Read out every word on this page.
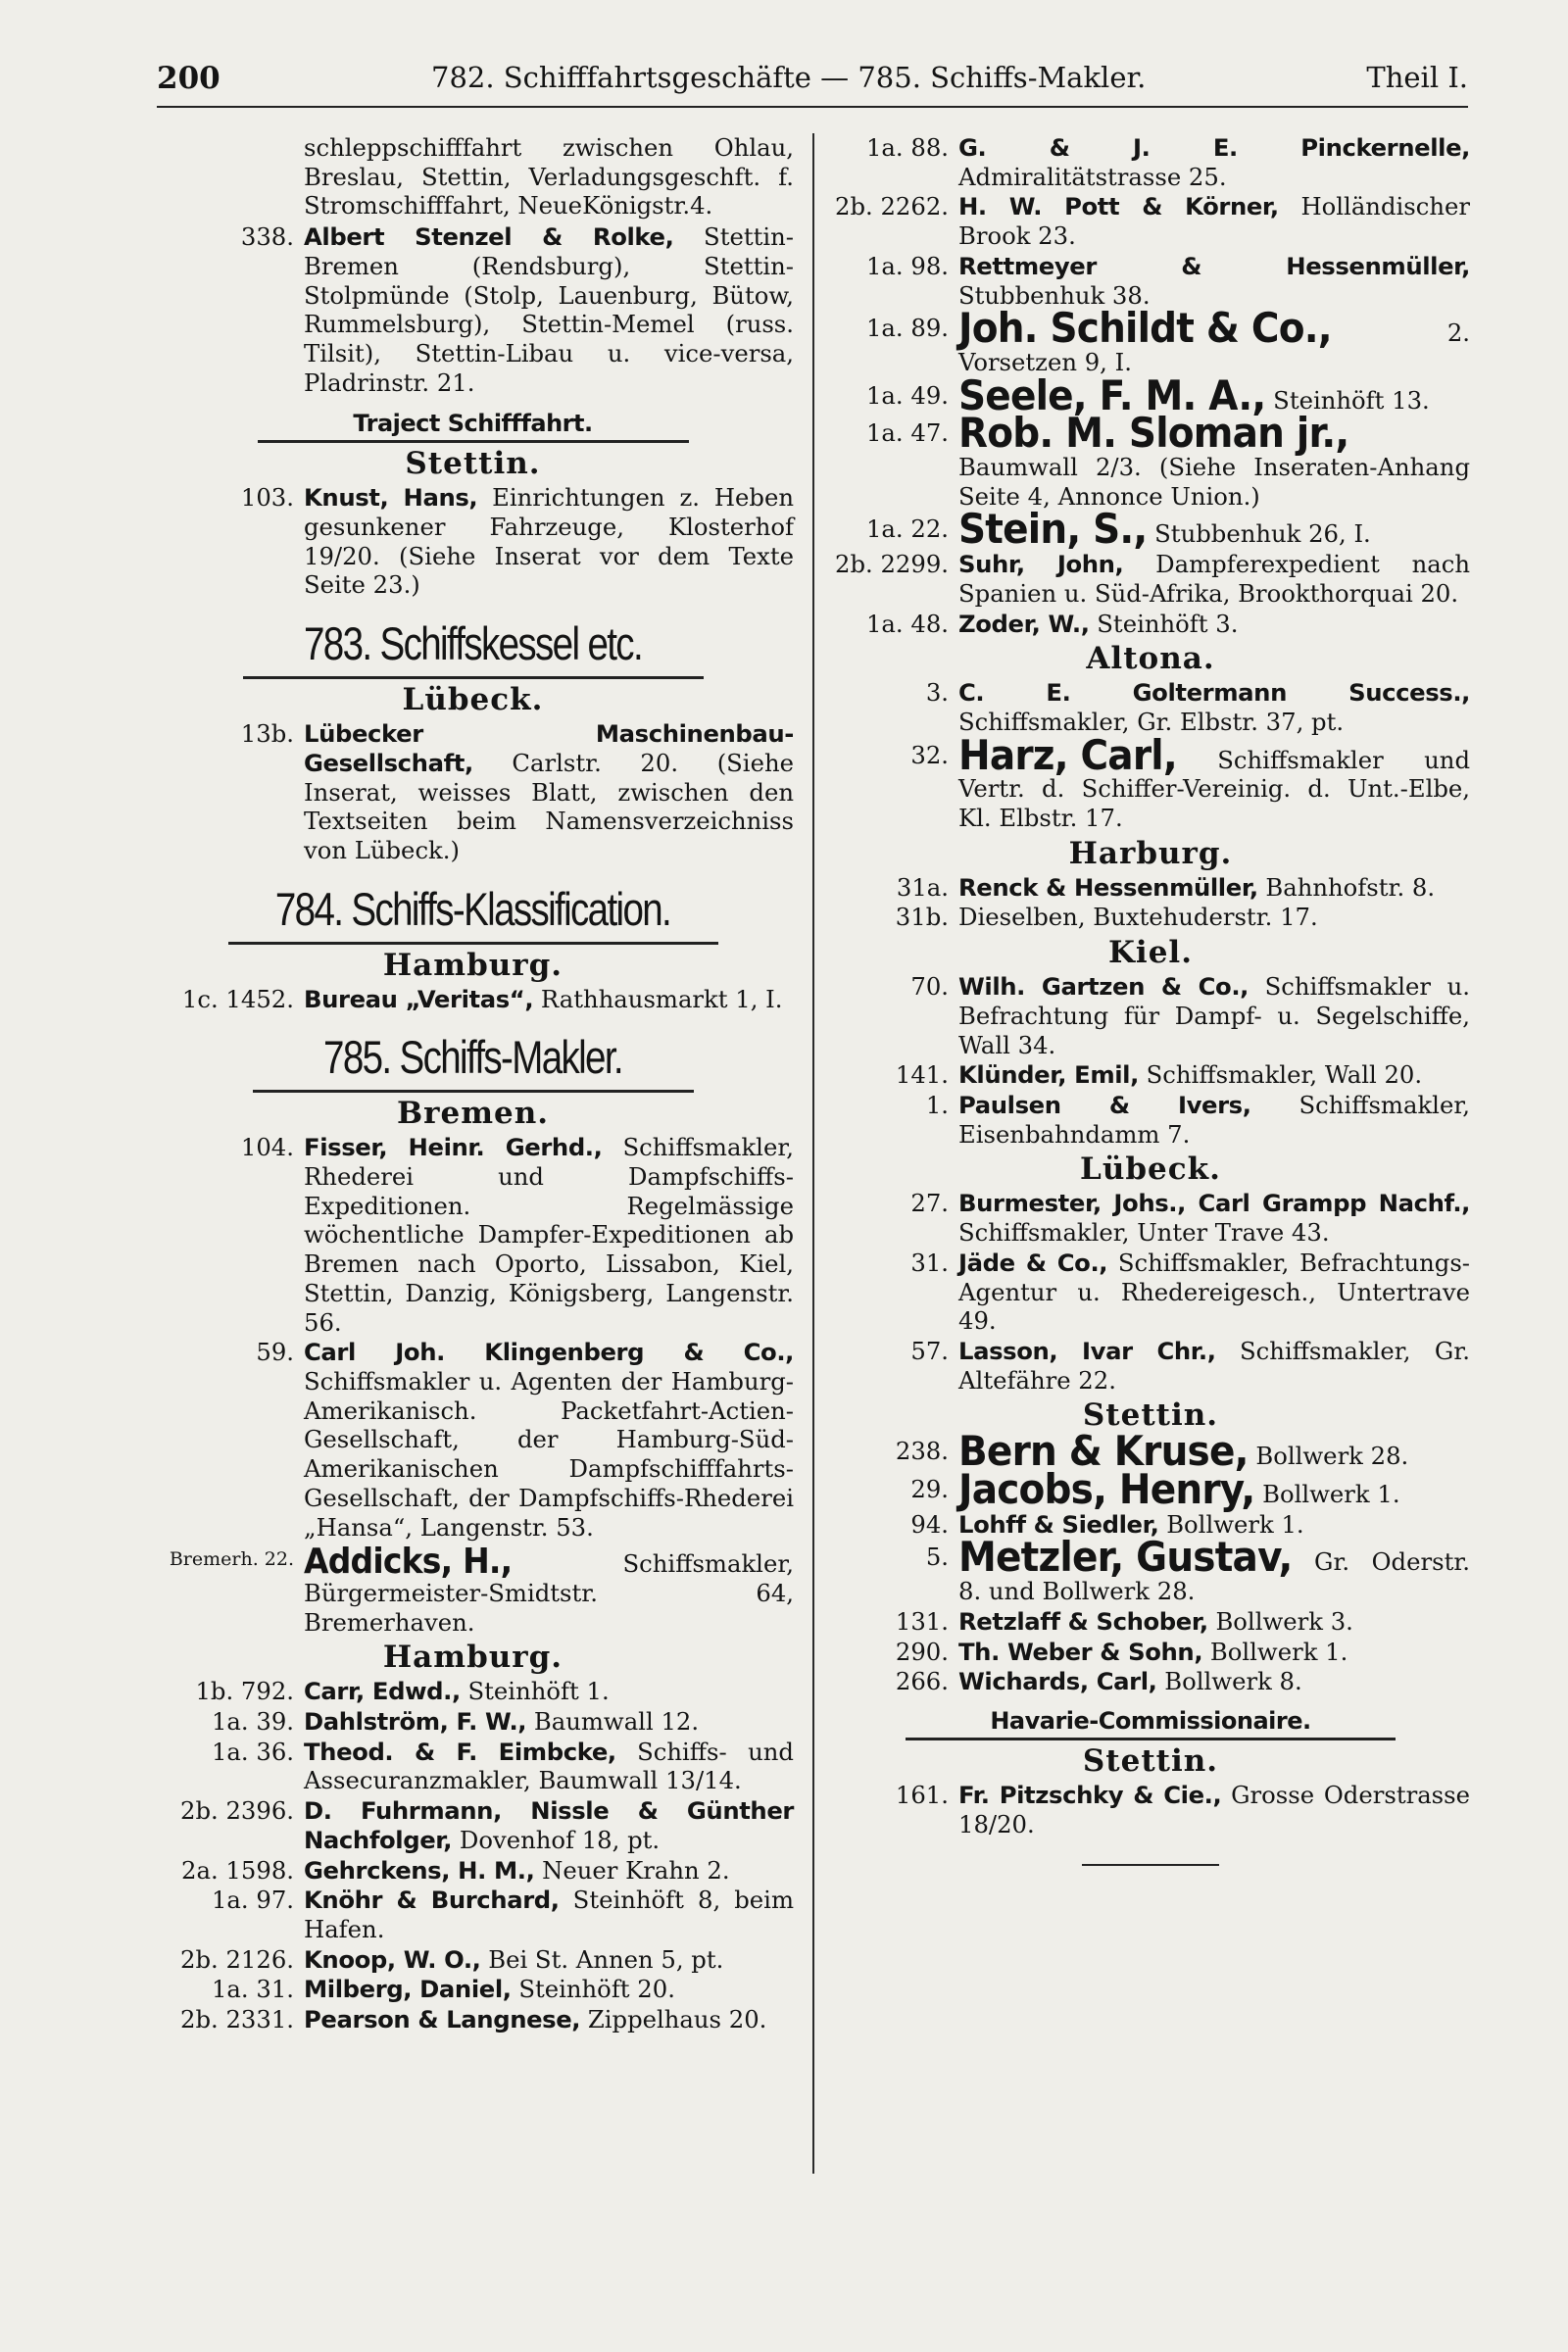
200	782. Schifffahrtsgeschäfte — 785. Schiffs-Makler.	Theil I.
schleppschifffahrt zwischen Ohlau, Breslau, Stettin, Verladungsgeschft. f. Stromschifffahrt, NeueKönigstr.4.
338. Albert Stenzel & Rolke, Stettin-Bremen (Rendsburg), Stettin-Stolpmünde (Stolp, Lauenburg, Bütow, Rummelsburg), Stettin-Memel (russ. Tilsit), Stettin-Libau u. vice-versa, Pladrinstr. 21.
Traject Schifffahrt.
Stettin.
103. Knust, Hans, Einrichtungen z. Heben gesunkener Fahrzeuge, Klosterhof 19/20. (Siehe Inserat vor dem Texte Seite 23.)
783. Schiffskessel etc.
Lübeck.
13b. Lübecker Maschinenbau-Gesellschaft, Carlstr. 20. (Siehe Inserat, weisses Blatt, zwischen den Textseiten beim Namensverzeichniss von Lübeck.)
784. Schiffs-Klassification.
Hamburg.
1c. 1452. Bureau „Veritas“, Rathhausmarkt 1, I.
785. Schiffs-Makler.
Bremen.
104. Fisser, Heinr. Gerhd., Schiffsmakler, Rhederei und Dampfschiffs-Expeditionen. Regelmässige wöchentliche Dampfer-Expeditionen ab Bremen nach Oporto, Lissabon, Kiel, Stettin, Danzig, Königsberg, Langenstr. 56.
59. Carl Joh. Klingenberg & Co., Schiffsmakler u. Agenten der Hamburg-Amerikanisch. Packetfahrt-Actien-Gesellschaft, der Hamburg-Süd-Amerikanischen Dampfschifffahrts-Gesellschaft, der Dampfschiffs-Rhederei „Hansa“, Langenstr. 53.
Bremerh. 22. Addicks, H., Schiffsmakler, Bürgermeister-Smidtstr. 64, Bremerhaven.
Hamburg.
1b. 792. Carr, Edwd., Steinhöft 1.
1a. 39. Dahlström, F. W., Baumwall 12.
1a. 36. Theod. & F. Eimbcke, Schiffs- und Assecuranzmakler, Baumwall 13/14.
2b. 2396. D. Fuhrmann, Nissle & Günther Nachfolger, Dovenhof 18, pt.
2a. 1598. Gehrckens, H. M., Neuer Krahn 2.
1a. 97. Knöhr & Burchard, Steinhöft 8, beim Hafen.
2b. 2126. Knoop, W. O., Bei St. Annen 5, pt.
1a. 31. Milberg, Daniel, Steinhöft 20.
2b. 2331. Pearson & Langnese, Zippelhaus 20.
1a. 88. G. & J. E. Pinckernelle, Admiralitätstrasse 25.
2b. 2262. H. W. Pott & Körner, Holländischer Brook 23.
1a. 98. Rettmeyer & Hessenmüller, Stubbenhuk 38.
1a. 89. Joh. Schildt & Co., 2. Vorsetzen 9, I.
1a. 49. Seele, F. M. A., Steinhöft 13.
1a. 47. Rob. M. Sloman jr., Baumwall 2/3. (Siehe Inseraten-Anhang Seite 4, Annonce Union.)
1a. 22. Stein, S., Stubbenhuk 26, I.
2b. 2299. Suhr, John, Dampferexpedient nach Spanien u. Süd-Afrika, Brookthorquai 20.
1a. 48. Zoder, W., Steinhöft 3.
Altona.
3. C. E. Goltermann Success., Schiffsmakler, Gr. Elbstr. 37, pt.
32. Harz, Carl, Schiffsmakler und Vertr. d. Schiffer-Vereinig. d. Unt.-Elbe, Kl. Elbstr. 17.
Harburg.
31a. Renck & Hessenmüller, Bahnhofstr. 8.
31b. Dieselben, Buxtehuderstr. 17.
Kiel.
70. Wilh. Gartzen & Co., Schiffsmakler u. Befrachtung für Dampf- u. Segelschiffe, Wall 34.
141. Klünder, Emil, Schiffsmakler, Wall 20.
1. Paulsen & Ivers, Schiffsmakler, Eisenbahndamm 7.
Lübeck.
27. Burmester, Johs., Carl Grampp Nachf., Schiffsmakler, Unter Trave 43.
31. Jäde & Co., Schiffsmakler, Befrachtungs-Agentur u. Rhedereigesch., Untertrave 49.
57. Lasson, Ivar Chr., Schiffsmakler, Gr. Altefähre 22.
Stettin.
238. Bern & Kruse, Bollwerk 28.
29. Jacobs, Henry, Bollwerk 1.
94. Lohff & Siedler, Bollwerk 1.
5. Metzler, Gustav, Gr. Oderstr. 8. und Bollwerk 28.
131. Retzlaff & Schober, Bollwerk 3.
290. Th. Weber & Sohn, Bollwerk 1.
266. Wichards, Carl, Bollwerk 8.
Havarie-Commissionaire.
Stettin.
161. Fr. Pitzschky & Cie., Grosse Oderstrasse 18/20.
